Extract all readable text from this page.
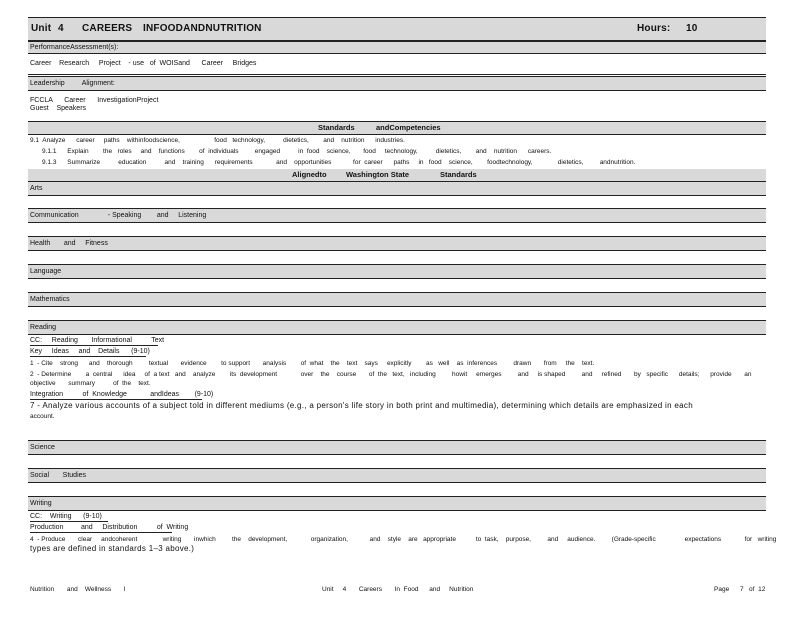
Unit 4 CAREERS INFOODANDNUTRITION	Hours: 10
PerformanceAssessment(s):
Career    Research     Project    - use   of  WOISand      Career     Bridges
Leadership         Alignment:
FCCLA      Career      InvestigationProject
Guest    Speakers
Standards	andCompetencies
9.1  Analyze      career     paths    withinfoodscience,                   food   technology,          dietetics,        and    nutrition      industries.
9.1.1      Explain        the   roles     and    functions        of  individuals         engaged          in  food    science,       food     technology,          dietetics,        and    nutrition      careers.
9.1.3      Summarize          education          and    training      requirements             and    opportunities            for  career      paths     in   food    science,        foodtechnology,              dietetics,         andnutrition.
Alignedto	Washington State	Standards
Arts
Communication               - Speaking        and     Listening
Health       and     Fitness
Language
Mathematics
Reading
CC:     Reading       Informational          Text
Key     Ideas     and    Details      (9-10)
1  - Cite    strong      and    thorough         textual       evidence        to support       analysis        of  what    the    text    says     explicitly        as   well    as  inferences         drawn       from     the    text.
2  - Determine        a  central      idea     of  a text   and    analyze        its  development             over    the    course       of  the   text,   including         howit     emerges         and     is shaped         and     refined       by   specific      details;      provide       an
objective       summary          of  the    text.
Integration          of  Knowledge            andIdeas        (9-10)
7 - Analyze various accounts of a subject told in different mediums (e.g., a person's life story in both print and multimedia), determining which details are emphasized in each
account.
Science
Social       Studies
Writing
CC:    Writing      (9-10)
Production         and     Distribution          of  Writing
4  - Produce       clear     andcoherent              writing       inwhich         the    development,             organization,            and    style    are   appropriate           to  task,    purpose,         and     audience.         (Grade-specific                expectations             for   writing
types are defined in standards 1–3 above.)
Nutrition       and    Wellness       I	Unit     4       Careers       In  Food      and     Nutrition	Page      7   of  12
